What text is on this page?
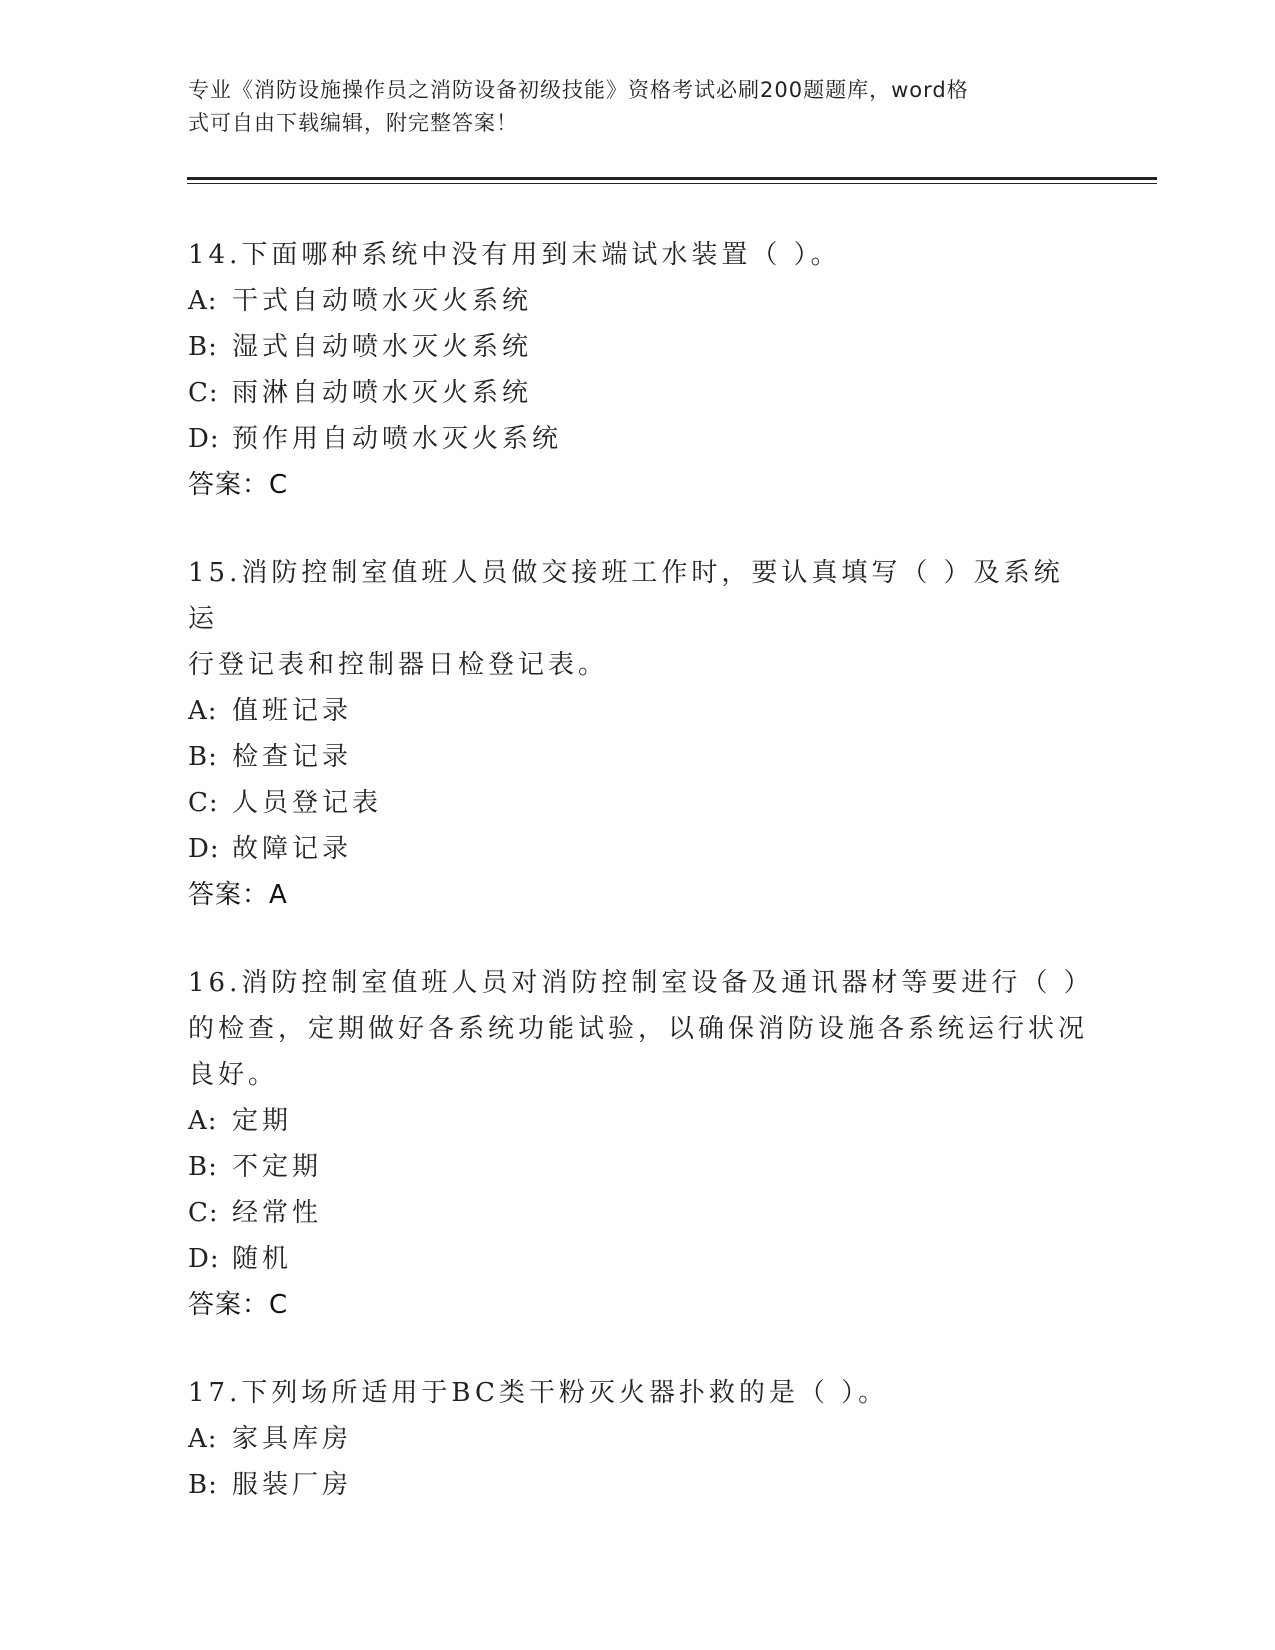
专业《消防设施操作员之消防设备初级技能》资格考试必刷200题题库，word格
式可自由下载编辑，附完整答案！
14.下面哪种系统中没有用到末端试水装置（ ）。
A: 干式自动喷水灭火系统
B: 湿式自动喷水灭火系统
C: 雨淋自动喷水灭火系统
D: 预作用自动喷水灭火系统
答案：C
15.消防控制室值班人员做交接班工作时，要认真填写（ ）及系统运
行登记表和控制器日检登记表。
A: 值班记录
B: 检查记录
C: 人员登记表
D: 故障记录
答案：A
16.消防控制室值班人员对消防控制室设备及通讯器材等要进行（ ）
的检查，定期做好各系统功能试验，以确保消防设施各系统运行状况
良好。
A: 定期
B: 不定期
C: 经常性
D: 随机
答案：C
17.下列场所适用于BC类干粉灭火器扑救的是（ ）。
A: 家具库房
B: 服装厂房
